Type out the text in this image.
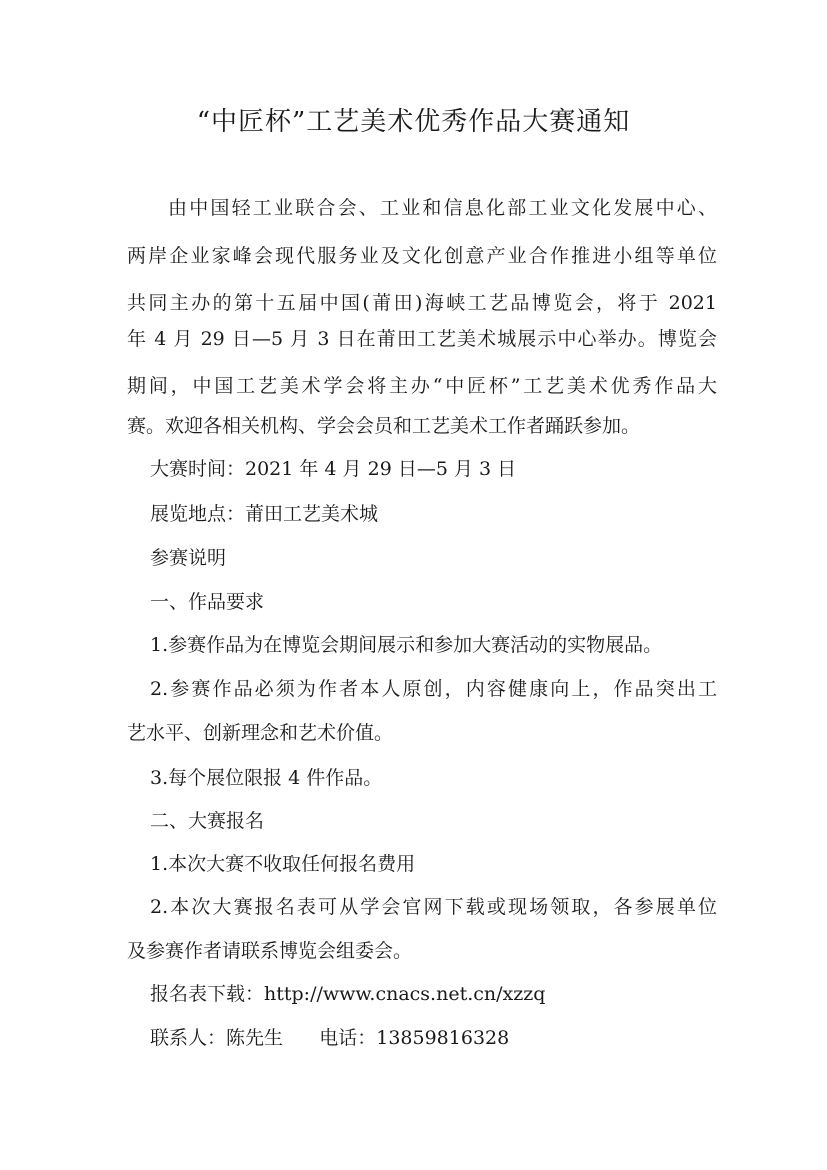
“中匠杯”工艺美术优秀作品大赛通知

由中国轻工业联合会、工业和信息化部工业文化发展中心、

两岸企业家峰会现代服务业及文化创意产业合作推进小组等单位

共同主办的第十五届中国(莆田)海峡工艺品博览会，将于 2021

年 4 月 29 日—5 月 3 日在莆田工艺美术城展示中心举办。博览会

期间，中国工艺美术学会将主办“中匠杯”工艺美术优秀作品大

赛。欢迎各相关机构、学会会员和工艺美术工作者踊跃参加。

大赛时间：2021 年 4 月 29 日—5 月 3 日

展览地点：莆田工艺美术城

参赛说明

一、作品要求

1.参赛作品为在博览会期间展示和参加大赛活动的实物展品。

2.参赛作品必须为作者本人原创，内容健康向上，作品突出工

艺水平、创新理念和艺术价值。

3.每个展位限报 4 件作品。

二、大赛报名

1.本次大赛不收取任何报名费用

2.本次大赛报名表可从学会官网下载或现场领取，各参展单位

及参赛作者请联系博览会组委会。

报名表下载：http://www.cnacs.net.cn/xzzq

联系人：陈先生      电话：13859816328
